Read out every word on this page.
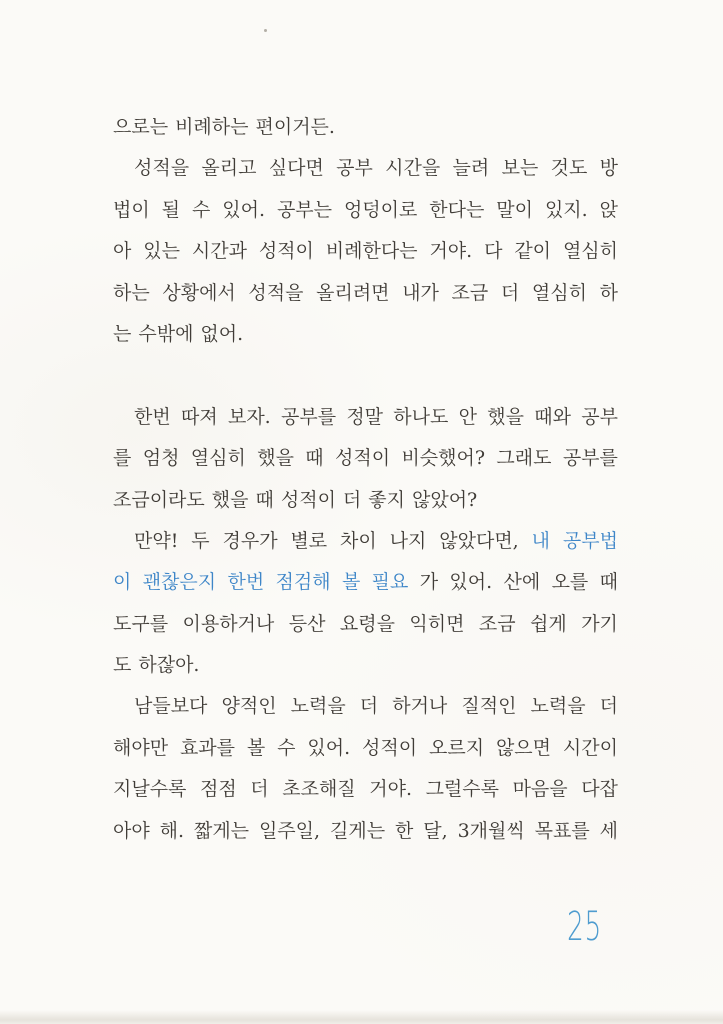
으로는 비례하는 편이거든.
성적을 올리고 싶다면 공부 시간을 늘려 보는 것도 방
법이 될 수 있어. 공부는 엉덩이로 한다는 말이 있지. 앉
아 있는 시간과 성적이 비례한다는 거야. 다 같이 열심히
하는 상황에서 성적을 올리려면 내가 조금 더 열심히 하
는 수밖에 없어.
한번 따져 보자. 공부를 정말 하나도 안 했을 때와 공부
를 엄청 열심히 했을 때 성적이 비슷했어? 그래도 공부를
조금이라도 했을 때 성적이 더 좋지 않았어?
만약! 두 경우가 별로 차이 나지 않았다면, 내 공부법
이 괜찮은지 한번 점검해 볼 필요 가 있어. 산에 오를 때
도구를 이용하거나 등산 요령을 익히면 조금 쉽게 가기
도 하잖아.
남들보다 양적인 노력을 더 하거나 질적인 노력을 더
해야만 효과를 볼 수 있어. 성적이 오르지 않으면 시간이
지날수록 점점 더 초조해질 거야. 그럴수록 마음을 다잡
아야 해. 짧게는 일주일, 길게는 한 달, 3개월씩 목표를 세
25
